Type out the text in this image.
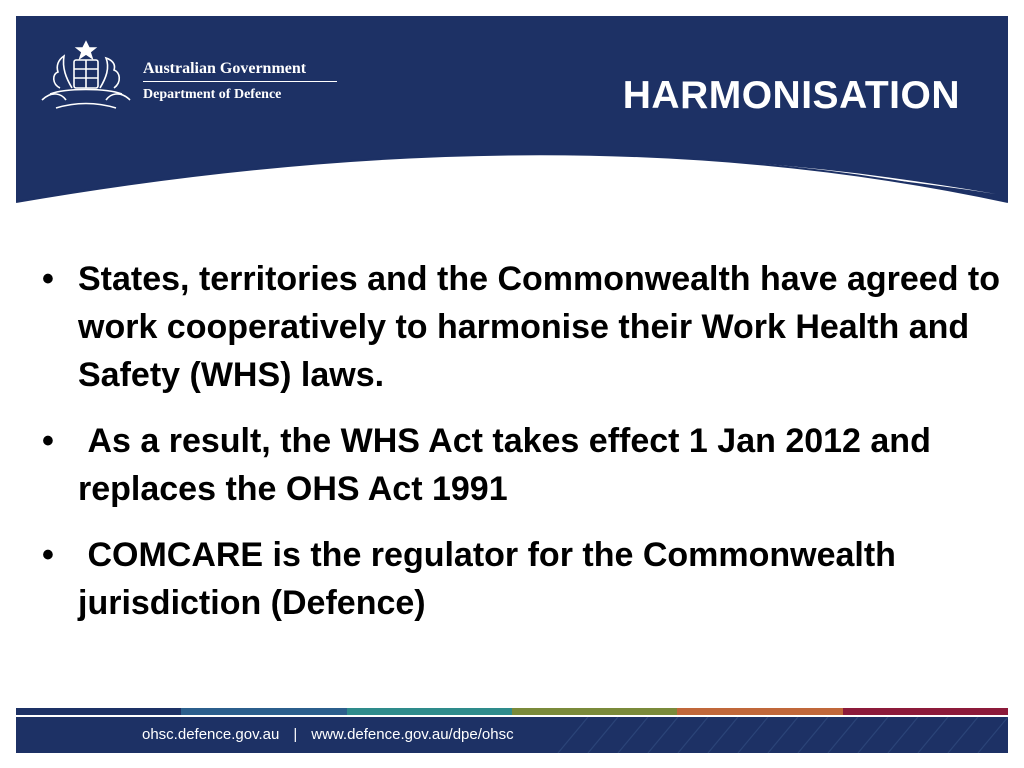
Australian Government
Department of Defence	HARMONISATION
• States, territories and the Commonwealth have agreed to work cooperatively to harmonise their Work Health and Safety (WHS) laws.
• As a result, the WHS Act takes effect 1 Jan 2012 and replaces the OHS Act 1991
• COMCARE is the regulator for the Commonwealth jurisdiction (Defence)
ohsc.defence.gov.au | www.defence.gov.au/dpe/ohsc
